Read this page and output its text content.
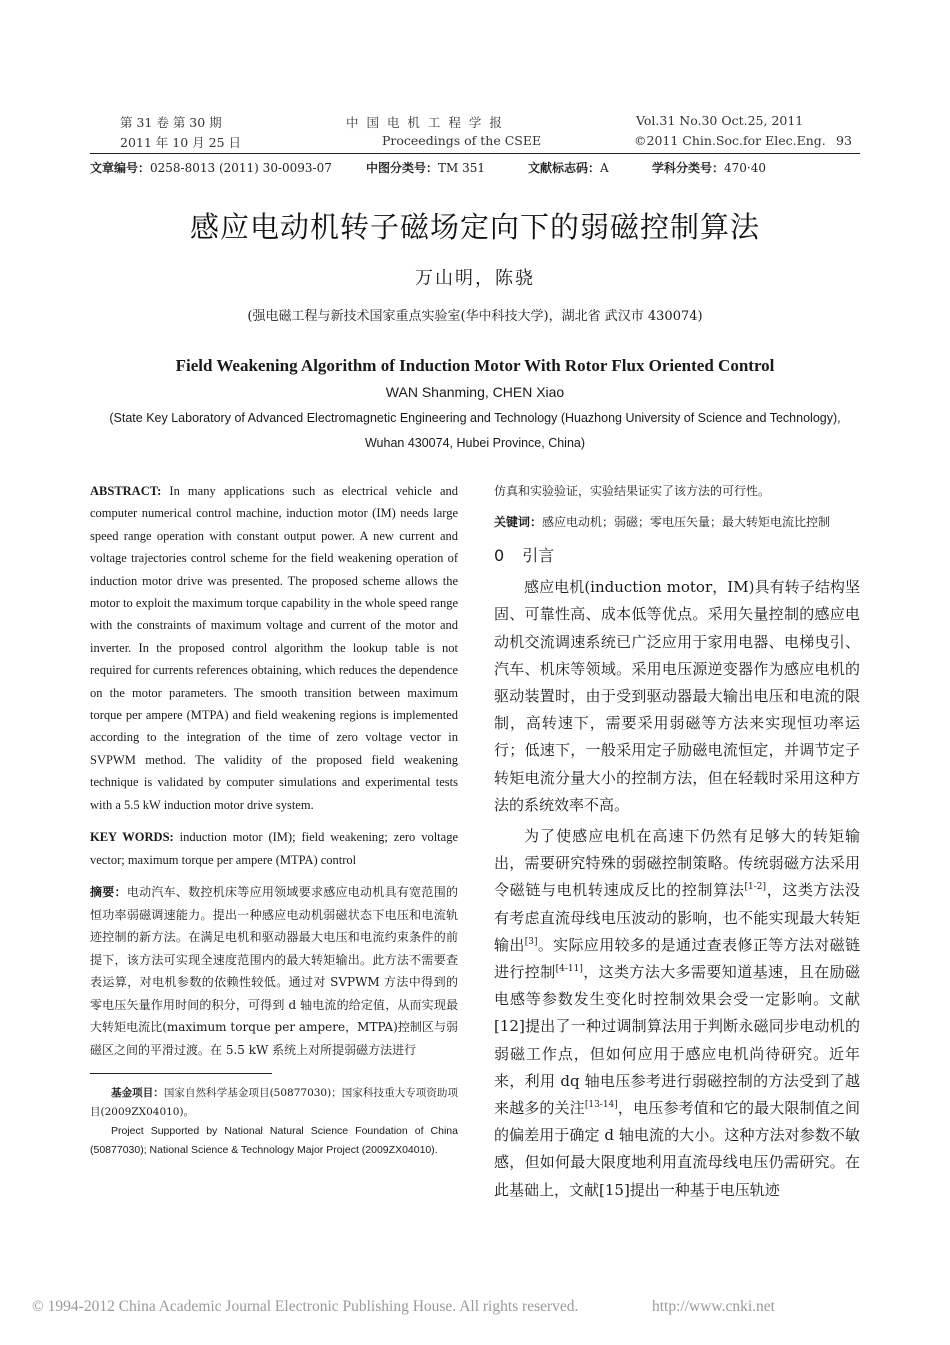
第 31 卷 第 30 期
2011 年 10 月 25 日
中 国 电 机 工 程 学 报
Proceedings of the CSEE
Vol.31 No.30 Oct.25, 2011
©2011 Chin.Soc.for Elec.Eng. 93
文章编号：0258-8013 (2011) 30-0093-07	中图分类号：TM 351	文献标志码：A	学科分类号：470·40
感应电动机转子磁场定向下的弱磁控制算法
万山明，陈骁
(强电磁工程与新技术国家重点实验室(华中科技大学)，湖北省 武汉市 430074)
Field Weakening Algorithm of Induction Motor With Rotor Flux Oriented Control
WAN Shanming, CHEN Xiao
(State Key Laboratory of Advanced Electromagnetic Engineering and Technology (Huazhong University of Science and Technology),
Wuhan 430074, Hubei Province, China)

ABSTRACT: In many applications such as electrical vehicle and computer numerical control machine, induction motor (IM) needs large speed range operation with constant output power. A new current and voltage trajectories control scheme for the field weakening operation of induction motor drive was presented. The proposed scheme allows the motor to exploit the maximum torque capability in the whole speed range with the constraints of maximum voltage and current of the motor and inverter. In the proposed control algorithm the lookup table is not required for currents references obtaining, which reduces the dependence on the motor parameters. The smooth transition between maximum torque per ampere (MTPA) and field weakening regions is implemented according to the integration of the time of zero voltage vector in SVPWM method. The validity of the proposed field weakening technique is validated by computer simulations and experimental tests with a 5.5 kW induction motor drive system.

KEY WORDS: induction motor (IM); field weakening; zero voltage vector; maximum torque per ampere (MTPA) control

摘要：电动汽车、数控机床等应用领域要求感应电动机具有宽范围的恒功率弱磁调速能力。提出一种感应电动机弱磁状态下电压和电流轨迹控制的新方法。在满足电机和驱动器最大电压和电流约束条件的前提下，该方法可实现全速度范围内的最大转矩输出。此方法不需要查表运算，对电机参数的依赖性较低。通过对 SVPWM 方法中得到的零电压矢量作用时间的积分，可得到 d 轴电流的给定值，从而实现最大转矩电流比(maximum torque per ampere，MTPA)控制区与弱磁区之间的平滑过渡。在 5.5 kW 系统上对所提弱磁方法进行

基金项目：国家自然科学基金项目(50877030)；国家科技重大专项资助项目(2009ZX04010)。

Project Supported by National Natural Science Foundation of China (50877030); National Science & Technology Major Project (2009ZX04010).

仿真和实验验证，实验结果证实了该方法的可行性。

关键词：感应电动机；弱磁；零电压矢量；最大转矩电流比控制

0 引言

感应电机(induction motor，IM)具有转子结构坚固、可靠性高、成本低等优点。采用矢量控制的感应电动机交流调速系统已广泛应用于家用电器、电梯曳引、汽车、机床等领域。采用电压源逆变器作为感应电机的驱动装置时，由于受到驱动器最大输出电压和电流的限制，高转速下，需要采用弱磁等方法来实现恒功率运行；低速下，一般采用定子励磁电流恒定，并调节定子转矩电流分量大小的控制方法，但在轻载时采用这种方法的系统效率不高。

为了使感应电机在高速下仍然有足够大的转矩输出，需要研究特殊的弱磁控制策略。传统弱磁方法采用令磁链与电机转速成反比的控制算法[1-2]，这类方法没有考虑直流母线电压波动的影响，也不能实现最大转矩输出[3]。实际应用较多的是通过查表修正等方法对磁链进行控制[4-11]，这类方法大多需要知道基速，且在励磁电感等参数发生变化时控制效果会受一定影响。文献[12]提出了一种过调制算法用于判断永磁同步电动机的弱磁工作点，但如何应用于感应电机尚待研究。近年来，利用 dq 轴电压参考进行弱磁控制的方法受到了越来越多的关注[13-14]，电压参考值和它的最大限制值之间的偏差用于确定 d 轴电流的大小。这种方法对参数不敏感，但如何最大限度地利用直流母线电压仍需研究。在此基础上，文献[15]提出一种基于电压轨迹

© 1994-2012 China Academic Journal Electronic Publishing House. All rights reserved.	http://www.cnki.net
